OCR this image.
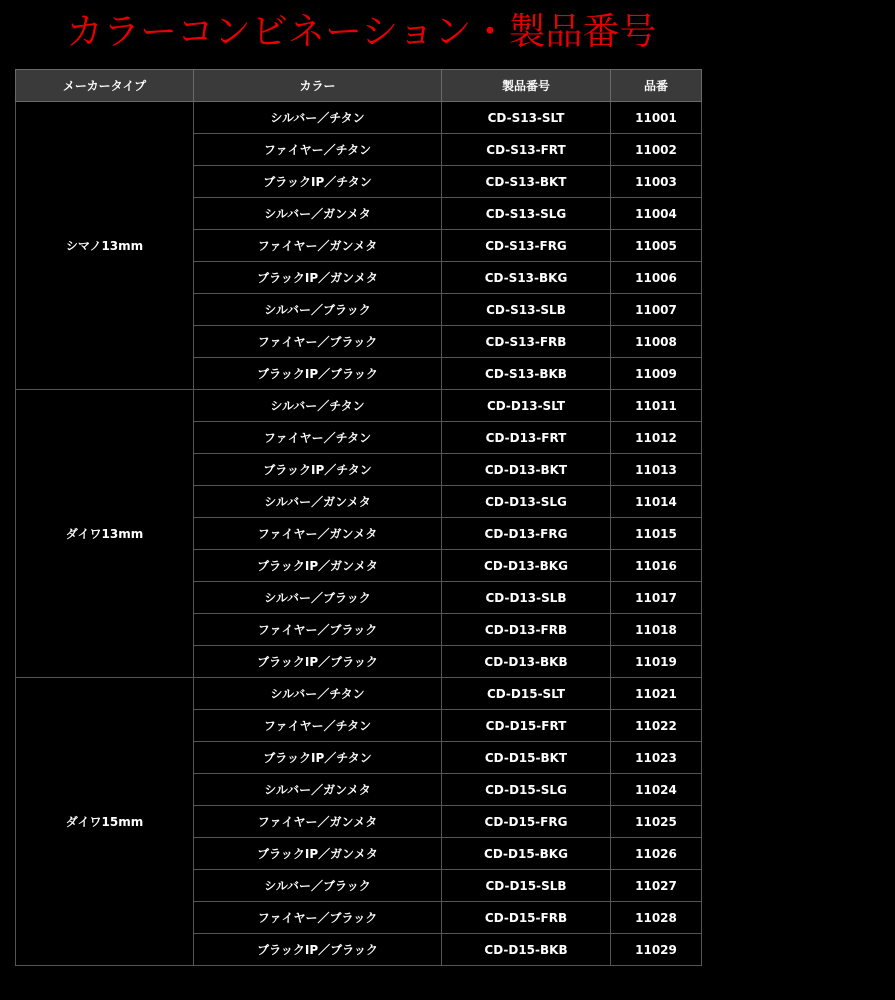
カラーコンビネーション・製品番号
メーカータイプ	カラー	製品番号	品番
シマノ13mm	シルバー／チタン	CD-S13-SLT	11001
	ファイヤー／チタン	CD-S13-FRT	11002
	ブラックIP／チタン	CD-S13-BKT	11003
	シルバー／ガンメタ	CD-S13-SLG	11004
	ファイヤー／ガンメタ	CD-S13-FRG	11005
	ブラックIP／ガンメタ	CD-S13-BKG	11006
	シルバー／ブラック	CD-S13-SLB	11007
	ファイヤー／ブラック	CD-S13-FRB	11008
	ブラックIP／ブラック	CD-S13-BKB	11009
ダイワ13mm	シルバー／チタン	CD-D13-SLT	11011
	ファイヤー／チタン	CD-D13-FRT	11012
	ブラックIP／チタン	CD-D13-BKT	11013
	シルバー／ガンメタ	CD-D13-SLG	11014
	ファイヤー／ガンメタ	CD-D13-FRG	11015
	ブラックIP／ガンメタ	CD-D13-BKG	11016
	シルバー／ブラック	CD-D13-SLB	11017
	ファイヤー／ブラック	CD-D13-FRB	11018
	ブラックIP／ブラック	CD-D13-BKB	11019
ダイワ15mm	シルバー／チタン	CD-D15-SLT	11021
	ファイヤー／チタン	CD-D15-FRT	11022
	ブラックIP／チタン	CD-D15-BKT	11023
	シルバー／ガンメタ	CD-D15-SLG	11024
	ファイヤー／ガンメタ	CD-D15-FRG	11025
	ブラックIP／ガンメタ	CD-D15-BKG	11026
	シルバー／ブラック	CD-D15-SLB	11027
	ファイヤー／ブラック	CD-D15-FRB	11028
	ブラックIP／ブラック	CD-D15-BKB	11029
